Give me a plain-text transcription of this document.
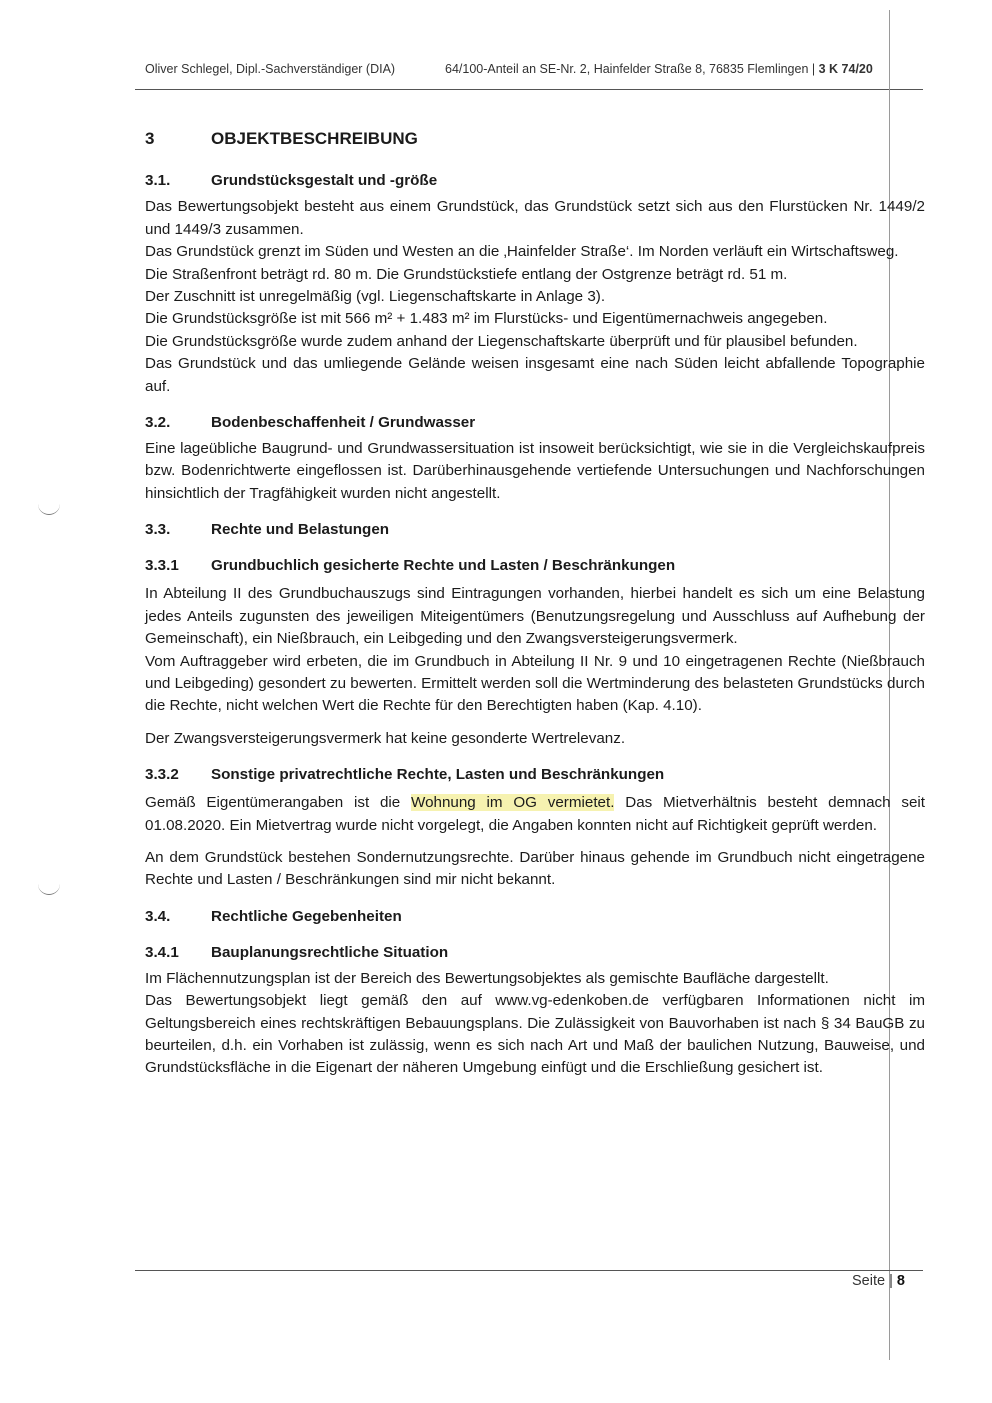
Oliver Schlegel, Dipl.-Sachverständiger (DIA)	64/100-Anteil an SE-Nr. 2, Hainfelder Straße 8, 76835 Flemlingen | 3 K 74/20
3	OBJEKTBESCHREIBUNG
3.1.	Grundstücksgestalt und -größe

Das Bewertungsobjekt besteht aus einem Grundstück, das Grundstück setzt sich aus den Flurstücken Nr. 1449/2 und 1449/3 zusammen.

Das Grundstück grenzt im Süden und Westen an die ‚Hainfelder Straße‘. Im Norden verläuft ein Wirtschaftsweg.

Die Straßenfront beträgt rd. 80 m. Die Grundstückstiefe entlang der Ostgrenze beträgt rd. 51 m.

Der Zuschnitt ist unregelmäßig (vgl. Liegenschaftskarte in Anlage 3).

Die Grundstücksgröße ist mit 566 m² + 1.483 m² im Flurstücks- und Eigentümernachweis angegeben.

Die Grundstücksgröße wurde zudem anhand der Liegenschaftskarte überprüft und für plausibel befunden.

Das Grundstück und das umliegende Gelände weisen insgesamt eine nach Süden leicht abfallende Topographie auf.

3.2.	Bodenbeschaffenheit / Grundwasser

Eine lageübliche Baugrund- und Grundwassersituation ist insoweit berücksichtigt, wie sie in die Vergleichskaufpreis bzw. Bodenrichtwerte eingeflossen ist. Darüberhinausgehende vertiefende Untersuchungen und Nachforschungen hinsichtlich der Tragfähigkeit wurden nicht angestellt.

3.3.	Rechte und Belastungen
3.3.1	Grundbuchlich gesicherte Rechte und Lasten / Beschränkungen

In Abteilung II des Grundbuchauszugs sind Eintragungen vorhanden, hierbei handelt es sich um eine Belastung jedes Anteils zugunsten des jeweiligen Miteigentümers (Benutzungsregelung und Ausschluss auf Aufhebung der Gemeinschaft), ein Nießbrauch, ein Leibgeding und den Zwangsversteigerungsvermerk.

Vom Auftraggeber wird erbeten, die im Grundbuch in Abteilung II Nr. 9 und 10 eingetragenen Rechte (Nießbrauch und Leibgeding) gesondert zu bewerten. Ermittelt werden soll die Wertminderung des belasteten Grundstücks durch die Rechte, nicht welchen Wert die Rechte für den Berechtigten haben (Kap. 4.10).

Der Zwangsversteigerungsvermerk hat keine gesonderte Wertrelevanz.

3.3.2	Sonstige privatrechtliche Rechte, Lasten und Beschränkungen

Gemäß Eigentümerangaben ist die Wohnung im OG vermietet. Das Mietverhältnis besteht demnach seit 01.08.2020. Ein Mietvertrag wurde nicht vorgelegt, die Angaben konnten nicht auf Richtigkeit geprüft werden.

An dem Grundstück bestehen Sondernutzungsrechte. Darüber hinaus gehende im Grundbuch nicht eingetragene Rechte und Lasten / Beschränkungen sind mir nicht bekannt.

3.4.	Rechtliche Gegebenheiten
3.4.1	Bauplanungsrechtliche Situation

Im Flächennutzungsplan ist der Bereich des Bewertungsobjektes als gemischte Baufläche dargestellt.

Das Bewertungsobjekt liegt gemäß den auf www.vg-edenkoben.de verfügbaren Informationen nicht im Geltungsbereich eines rechtskräftigen Bebauungsplans. Die Zulässigkeit von Bauvorhaben ist nach § 34 BauGB zu beurteilen, d.h. ein Vorhaben ist zulässig, wenn es sich nach Art und Maß der baulichen Nutzung, Bauweise, und Grundstücksfläche in die Eigenart der näheren Umgebung einfügt und die Erschließung gesichert ist.

Seite | 8
